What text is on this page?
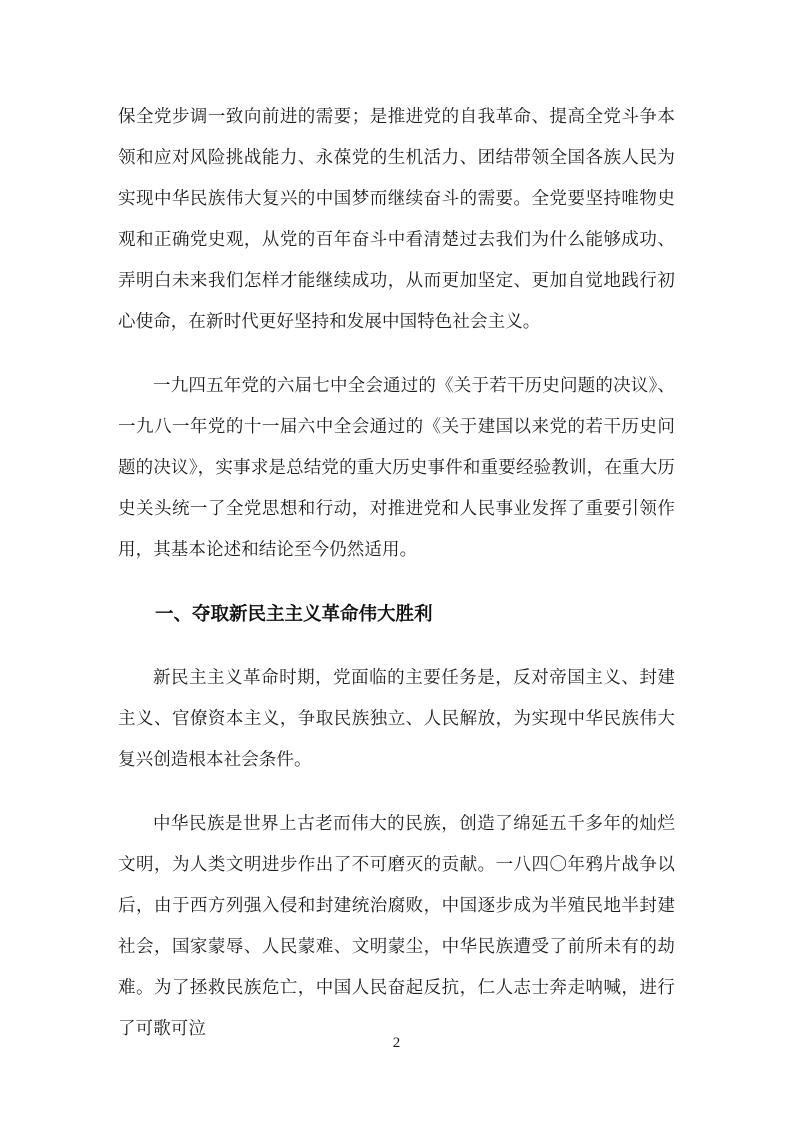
保全党步调一致向前进的需要；是推进党的自我革命、提高全党斗争本领和应对风险挑战能力、永葆党的生机活力、团结带领全国各族人民为实现中华民族伟大复兴的中国梦而继续奋斗的需要。全党要坚持唯物史观和正确党史观，从党的百年奋斗中看清楚过去我们为什么能够成功、弄明白未来我们怎样才能继续成功，从而更加坚定、更加自觉地践行初心使命，在新时代更好坚持和发展中国特色社会主义。

一九四五年党的六届七中全会通过的《关于若干历史问题的决议》、一九八一年党的十一届六中全会通过的《关于建国以来党的若干历史问题的决议》，实事求是总结党的重大历史事件和重要经验教训，在重大历史关头统一了全党思想和行动，对推进党和人民事业发挥了重要引领作用，其基本论述和结论至今仍然适用。

一、夺取新民主主义革命伟大胜利

新民主主义革命时期，党面临的主要任务是，反对帝国主义、封建主义、官僚资本主义，争取民族独立、人民解放，为实现中华民族伟大复兴创造根本社会条件。

中华民族是世界上古老而伟大的民族，创造了绵延五千多年的灿烂文明，为人类文明进步作出了不可磨灭的贡献。一八四〇年鸦片战争以后，由于西方列强入侵和封建统治腐败，中国逐步成为半殖民地半封建社会，国家蒙辱、人民蒙难、文明蒙尘，中华民族遭受了前所未有的劫难。为了拯救民族危亡，中国人民奋起反抗，仁人志士奔走呐喊，进行了可歌可泣

2
